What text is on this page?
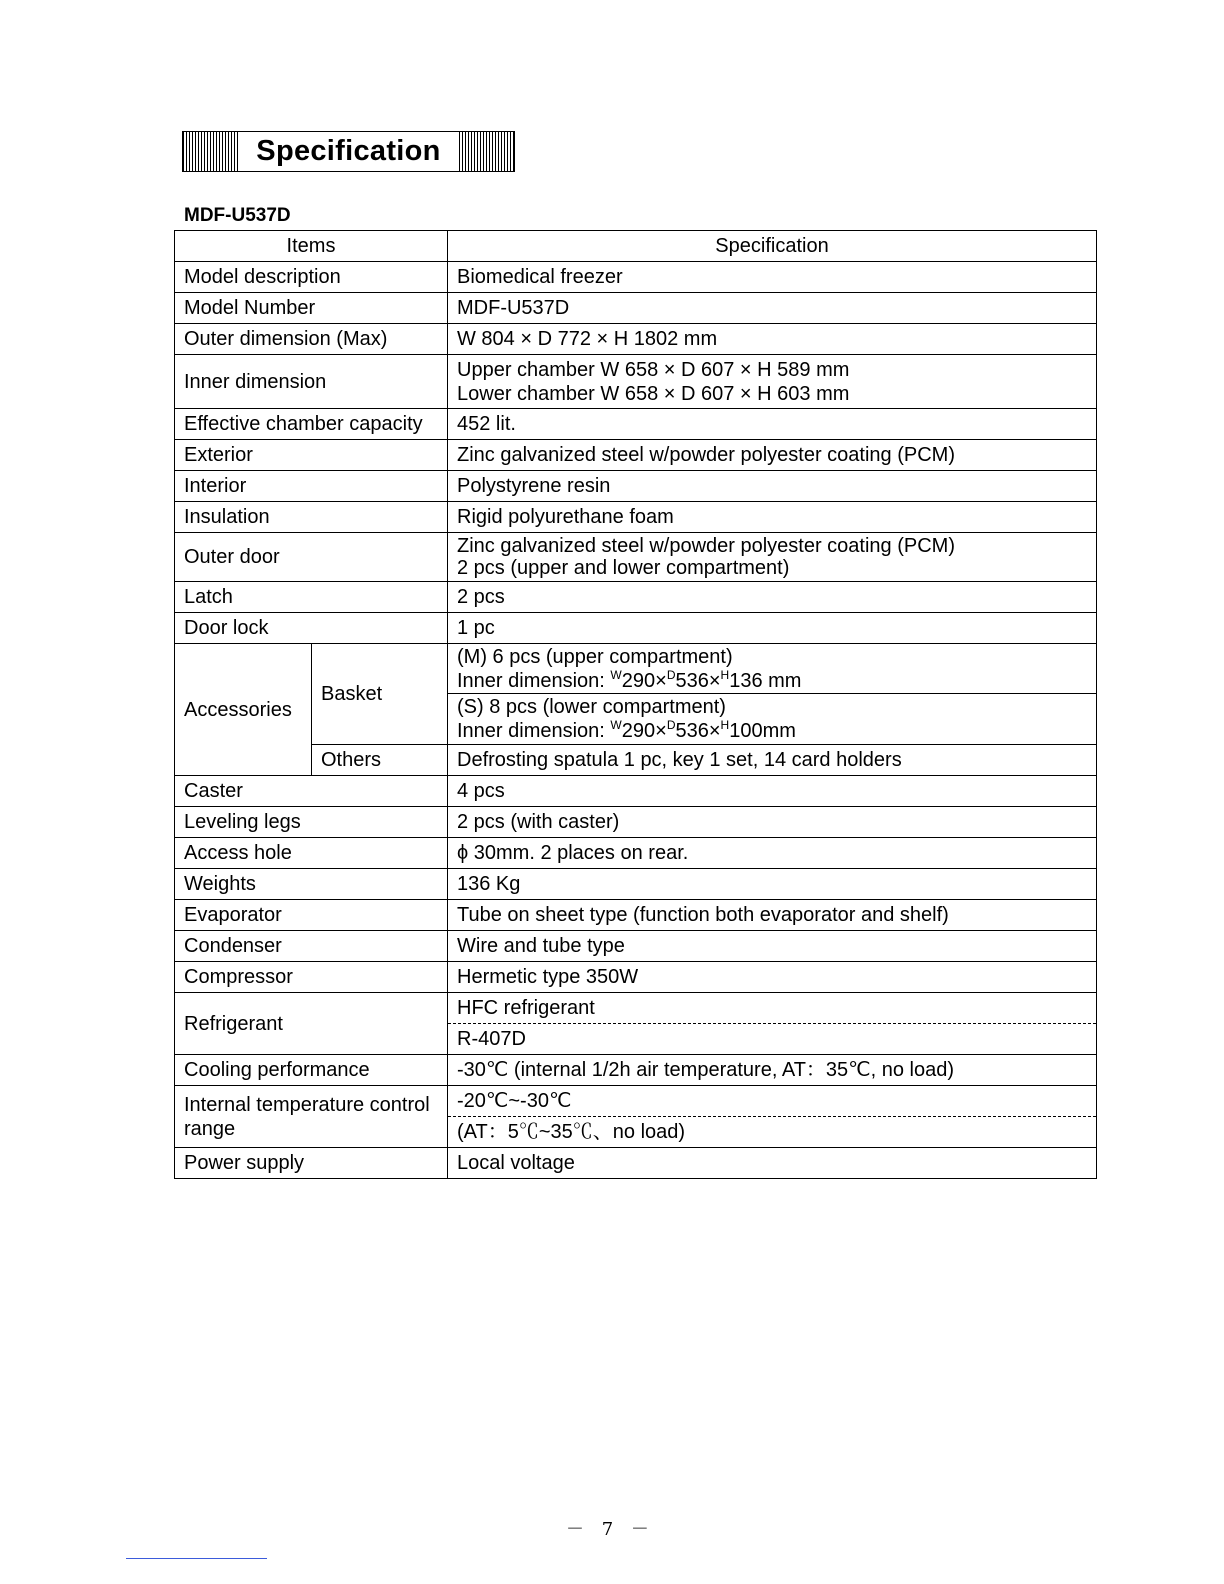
Specification
MDF-U537D
Items		Specification
Model description		Biomedical freezer
Model Number		MDF-U537D
Outer dimension (Max)		W 804 × D 772 × H 1802 mm
Inner dimension		Upper chamber W 658 × D 607 × H 589 mm
Lower chamber W 658 × D 607 × H 603 mm

Effective chamber capacity		452 lit.
Exterior		Zinc galvanized steel w/powder polyester coating (PCM)
Interior		Polystyrene resin
Insulation		Rigid polyurethane foam
Outer door		Zinc galvanized steel w/powder polyester coating (PCM)
2 pcs (upper and lower compartment)

Latch		2 pcs
Door lock		1 pc
Accessories	Basket	(M) 6 pcs (upper compartment)
Inner dimension: $^W$290×$^D$536×$^H$136 mm

		(S) 8 pcs (lower compartment)
Inner dimension: $^W$290×$^D$536×$^H$100mm

	Others	Defrosting spatula 1 pc, key 1 set, 14 card holders
Caster		4 pcs
Leveling legs		2 pcs (with caster)
Access hole		ϕ 30mm. 2 places on rear.
Weights		136 Kg
Evaporator		Tube on sheet type (function both evaporator and shelf)
Condenser		Wire and tube type
Compressor		Hermetic type 350W
Refrigerant		HFC refrigerant
		R-407D
Cooling performance		-30℃ (internal 1/2h air temperature, AT：35℃, no load)
Internal temperature control range		-20℃~-30℃
		(AT：5℃~35℃、no load)
Power supply		Local voltage
－ 7 －
